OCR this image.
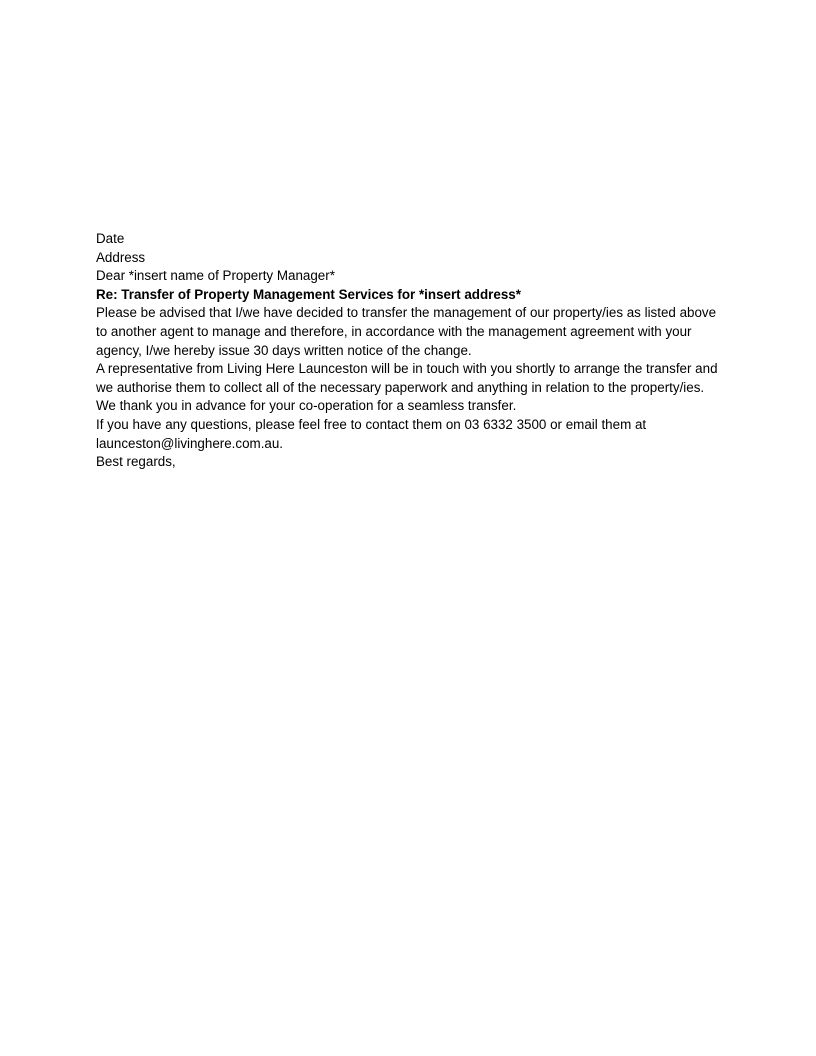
Date

Address

Dear *insert name of Property Manager*

Re: Transfer of Property Management Services for *insert address*

Please be advised that I/we have decided to transfer the management of our property/ies as listed above to another agent to manage and therefore, in accordance with the management agreement with your agency, I/we hereby issue 30 days written notice of the change.

A representative from Living Here Launceston will be in touch with you shortly to arrange the transfer and we authorise them to collect all of the necessary paperwork and anything in relation to the property/ies. We thank you in advance for your co-operation for a seamless transfer.

If you have any questions, please feel free to contact them on 03 6332 3500 or email them at launceston@livinghere.com.au.

Best regards,
